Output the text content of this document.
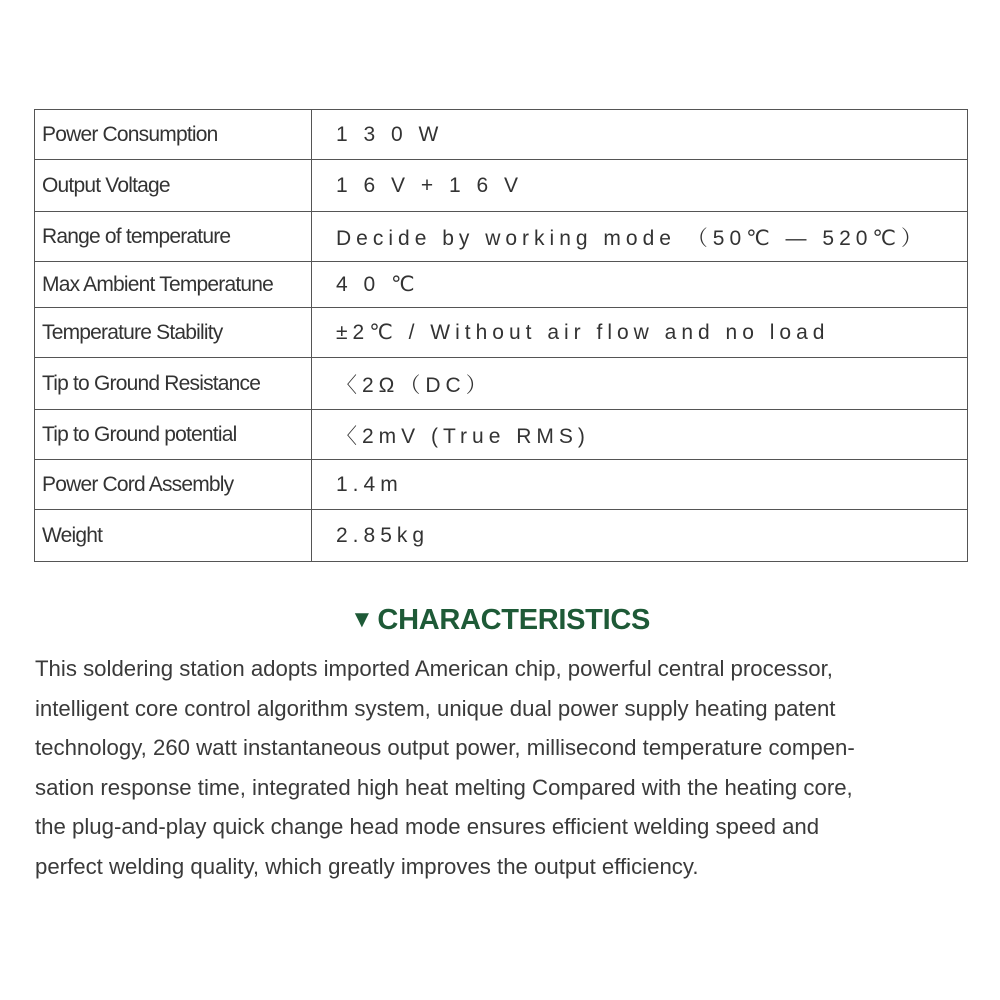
Power Consumption	1 3 0 W
Output Voltage	1 6 V + 1 6 V
Range of temperature	Decide by working mode （50℃ — 520℃）
Max Ambient Temperatune	4 0 ℃
Temperature Stability	±2℃ / Without air flow and no load
Tip to Ground Resistance	〈2Ω（DC）
Tip to Ground potential	〈2mV (True RMS)
Power Cord Assembly	1.4m
Weight	2.85kg
▼ CHARACTERISTICS

This soldering station adopts imported American chip, powerful central processor,
intelligent core control algorithm system, unique dual power supply heating patent
technology, 260 watt instantaneous output power, millisecond temperature compen-
sation response time, integrated high heat melting Compared with the heating core,
the plug-and-play quick change head mode ensures efficient welding speed and
perfect welding quality, which greatly improves the output efficiency.
